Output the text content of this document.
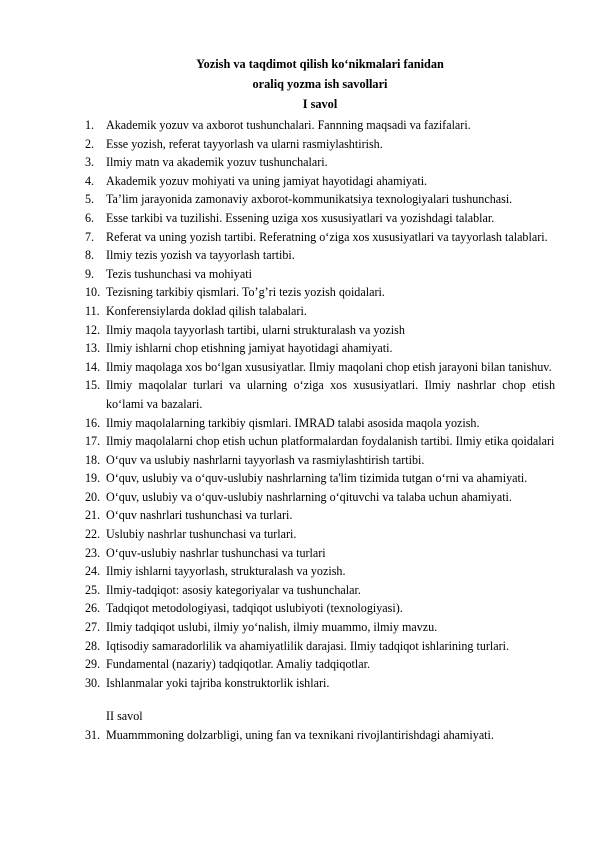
Yozish va taqdimot qilish ko‘nikmalari fanidan
oraliq yozma ish savollari
I savol
1. Akademik yozuv va axborot tushunchalari. Fannning maqsadi va fazifalari.
2. Esse yozish, referat tayyorlash va ularni rasmiylashtirish.
3. Ilmiy matn va akademik yozuv tushunchalari.
4. Akademik yozuv mohiyati va uning jamiyat hayotidagi ahamiyati.
5. Ta’lim jarayonida zamonaviy axborot-kommunikatsiya texnologiyalari tushunchasi.
6. Esse tarkibi va tuzilishi. Essening uziga xos xususiyatlari va yozishdagi talablar.
7. Referat va uning yozish tartibi. Referatning o‘ziga xos xususiyatlari va tayyorlash talablari.
8. Ilmiy tezis yozish va tayyorlash tartibi.
9. Tezis tushunchasi va mohiyati
10. Tezisning tarkibiy qismlari. To’g’ri tezis yozish qoidalari.
11. Konferensiylarda doklad qilish talabalari.
12. Ilmiy maqola tayyorlash tartibi, ularni strukturalash va yozish
13. Ilmiy ishlarni chop etishning jamiyat hayotidagi ahamiyati.
14. Ilmiy maqolaga xos bo‘lgan xususiyatlar. Ilmiy maqolani chop etish jarayoni bilan tanishuv.
15. Ilmiy maqolalar turlari va ularning o‘ziga xos xususiyatlari. Ilmiy nashrlar chop etish ko‘lami va bazalari.
16. Ilmiy maqolalarning tarkibiy qismlari. IMRAD talabi asosida maqola yozish.
17. Ilmiy maqolalarni chop etish uchun platformalardan foydalanish tartibi. Ilmiy etika qoidalari
18. O‘quv va uslubiy nashrlarni tayyorlash va rasmiylashtirish tartibi.
19. O‘quv, uslubiy va o‘quv-uslubiy nashrlarning ta'lim tizimida tutgan o‘rni va ahamiyati.
20. O‘quv, uslubiy va o‘quv-uslubiy nashrlarning o‘qituvchi va talaba uchun ahamiyati.
21. O‘quv nashrlari tushunchasi va turlari.
22. Uslubiy nashrlar tushunchasi va turlari.
23. O‘quv-uslubiy nashrlar tushunchasi va turlari
24. Ilmiy ishlarni tayyorlash, strukturalash va yozish.
25. Ilmiy-tadqiqot: asosiy kategoriyalar va tushunchalar.
26. Tadqiqot metodologiyasi, tadqiqot uslubiyoti (texnologiyasi).
27. Ilmiy tadqiqot uslubi, ilmiy yo‘nalish, ilmiy muammo, ilmiy mavzu.
28. Iqtisodiy samaradorlilik va ahamiyatlilik darajasi. Ilmiy tadqiqot ishlarining turlari.
29. Fundamental (nazariy) tadqiqotlar. Amaliy tadqiqotlar.
30. Ishlanmalar yoki tajriba konstruktorlik ishlari.
II savol
31. Muammmoning dolzarbligi, uning fan va texnikani rivojlantirishdagi ahamiyati.
